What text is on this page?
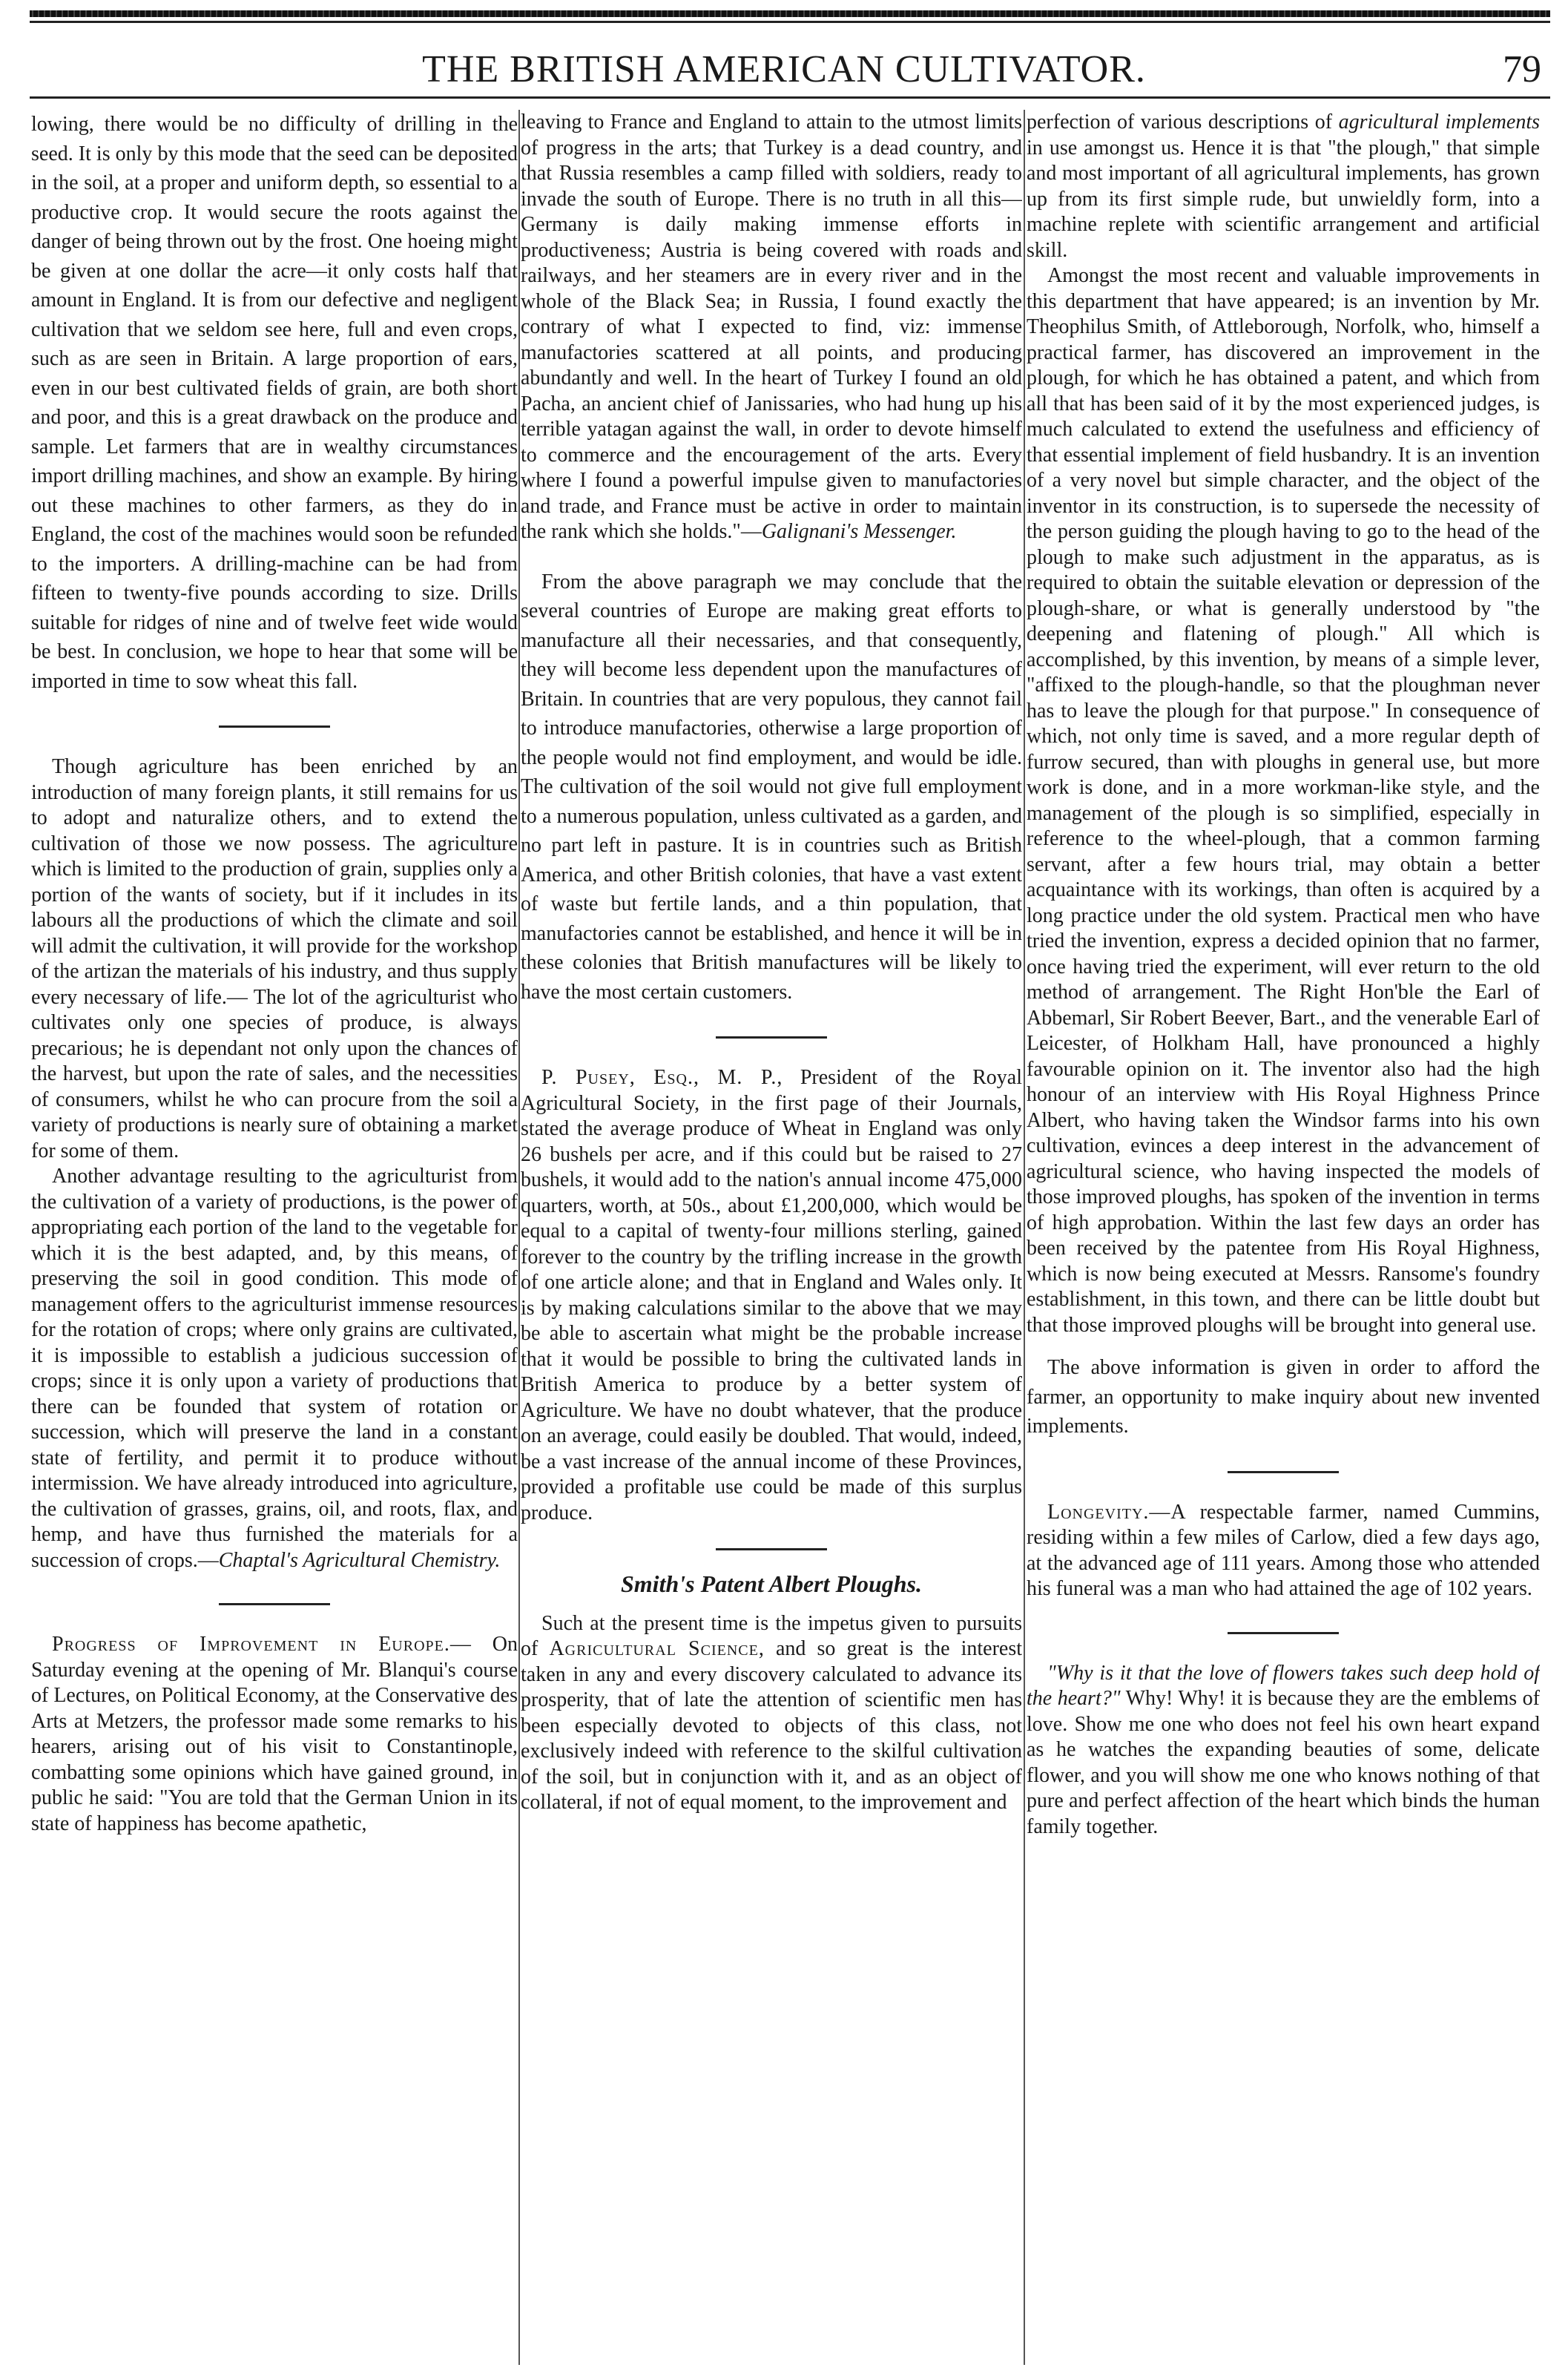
THE BRITISH AMERICAN CULTIVATOR.	79

lowing, there would be no difficulty of drilling in the seed. It is only by this mode that the seed can be deposited in the soil, at a proper and uniform depth, so essential to a productive crop. It would secure the roots against the danger of being thrown out by the frost. One hoeing might be given at one dollar the acre—it only costs half that amount in England. It is from our defective and negligent cultivation that we seldom see here, full and even crops, such as are seen in Britain. A large proportion of ears, even in our best cultivated fields of grain, are both short and poor, and this is a great drawback on the produce and sample. Let farmers that are in wealthy circumstances import drilling machines, and show an example. By hiring out these machines to other farmers, as they do in England, the cost of the machines would soon be refunded to the importers. A drilling-machine can be had from fifteen to twenty-five pounds according to size. Drills suitable for ridges of nine and of twelve feet wide would be best. In conclusion, we hope to hear that some will be imported in time to sow wheat this fall.

Though agriculture has been enriched by an introduction of many foreign plants, it still remains for us to adopt and naturalize others, and to extend the cultivation of those we now possess. The agriculture which is limited to the production of grain, supplies only a portion of the wants of society, but if it includes in its labours all the productions of which the climate and soil will admit the cultivation, it will provide for the workshop of the artizan the materials of his industry, and thus supply every necessary of life.— The lot of the agriculturist who cultivates only one species of produce, is always precarious; he is dependant not only upon the chances of the harvest, but upon the rate of sales, and the necessities of consumers, whilst he who can procure from the soil a variety of productions is nearly sure of obtaining a market for some of them.

Another advantage resulting to the agriculturist from the cultivation of a variety of productions, is the power of appropriating each portion of the land to the vegetable for which it is the best adapted, and, by this means, of preserving the soil in good condition. This mode of management offers to the agriculturist immense resources for the rotation of crops; where only grains are cultivated, it is impossible to establish a judicious succession of crops; since it is only upon a variety of productions that there can be founded that system of rotation or succession, which will preserve the land in a constant state of fertility, and permit it to produce without intermission. We have already introduced into agriculture, the cultivation of grasses, grains, oil, and roots, flax, and hemp, and have thus furnished the materials for a succession of crops.—Chaptal's Agricultural Chemistry.

Progress of Improvement in Europe.— On Saturday evening at the opening of Mr. Blanqui's course of Lectures, on Political Economy, at the Conservative des Arts at Metzers, the professor made some remarks to his hearers, arising out of his visit to Constantinople, combatting some opinions which have gained ground, in public he said: "You are told that the German Union in its state of happiness has become apathetic,

leaving to France and England to attain to the utmost limits of progress in the arts; that Turkey is a dead country, and that Russia resembles a camp filled with soldiers, ready to invade the south of Europe. There is no truth in all this—Germany is daily making immense efforts in productiveness; Austria is being covered with roads and railways, and her steamers are in every river and in the whole of the Black Sea; in Russia, I found exactly the contrary of what I expected to find, viz: immense manufactories scattered at all points, and producing abundantly and well. In the heart of Turkey I found an old Pacha, an ancient chief of Janissaries, who had hung up his terrible yatagan against the wall, in order to devote himself to commerce and the encouragement of the arts. Every where I found a powerful impulse given to manufactories and trade, and France must be active in order to maintain the rank which she holds."—Galignani's Messenger.

From the above paragraph we may conclude that the several countries of Europe are making great efforts to manufacture all their necessaries, and that consequently, they will become less dependent upon the manufactures of Britain. In countries that are very populous, they cannot fail to introduce manufactories, otherwise a large proportion of the people would not find employment, and would be idle. The cultivation of the soil would not give full employment to a numerous population, unless cultivated as a garden, and no part left in pasture. It is in countries such as British America, and other British colonies, that have a vast extent of waste but fertile lands, and a thin population, that manufactories cannot be established, and hence it will be in these colonies that British manufactures will be likely to have the most certain customers.

P. Pusey, Esq., M. P., President of the Royal Agricultural Society, in the first page of their Journals, stated the average produce of Wheat in England was only 26 bushels per acre, and if this could but be raised to 27 bushels, it would add to the nation's annual income 475,000 quarters, worth, at 50s., about £1,200,000, which would be equal to a capital of twenty-four millions sterling, gained forever to the country by the trifling increase in the growth of one article alone; and that in England and Wales only. It is by making calculations similar to the above that we may be able to ascertain what might be the probable increase that it would be possible to bring the cultivated lands in British America to produce by a better system of Agriculture. We have no doubt whatever, that the produce on an average, could easily be doubled. That would, indeed, be a vast increase of the annual income of these Provinces, provided a profitable use could be made of this surplus produce.

Smith's Patent Albert Ploughs.

Such at the present time is the impetus given to pursuits of Agricultural Science, and so great is the interest taken in any and every discovery calculated to advance its prosperity, that of late the attention of scientific men has been especially devoted to objects of this class, not exclusively indeed with reference to the skilful cultivation of the soil, but in conjunction with it, and as an object of collateral, if not of equal moment, to the improvement and

perfection of various descriptions of agricultural implements in use amongst us. Hence it is that "the plough," that simple and most important of all agricultural implements, has grown up from its first simple rude, but unwieldly form, into a machine replete with scientific arrangement and artificial skill.

Amongst the most recent and valuable improvements in this department that have appeared; is an invention by Mr. Theophilus Smith, of Attleborough, Norfolk, who, himself a practical farmer, has discovered an improvement in the plough, for which he has obtained a patent, and which from all that has been said of it by the most experienced judges, is much calculated to extend the usefulness and efficiency of that essential implement of field husbandry. It is an invention of a very novel but simple character, and the object of the inventor in its construction, is to supersede the necessity of the person guiding the plough having to go to the head of the plough to make such adjustment in the apparatus, as is required to obtain the suitable elevation or depression of the plough-share, or what is generally understood by "the deepening and flatening of plough." All which is accomplished, by this invention, by means of a simple lever, "affixed to the plough-handle, so that the ploughman never has to leave the plough for that purpose." In consequence of which, not only time is saved, and a more regular depth of furrow secured, than with ploughs in general use, but more work is done, and in a more workman-like style, and the management of the plough is so simplified, especially in reference to the wheel-plough, that a common farming servant, after a few hours trial, may obtain a better acquaintance with its workings, than often is acquired by a long practice under the old system. Practical men who have tried the invention, express a decided opinion that no farmer, once having tried the experiment, will ever return to the old method of arrangement. The Right Hon'ble the Earl of Abbemarl, Sir Robert Beever, Bart., and the venerable Earl of Leicester, of Holkham Hall, have pronounced a highly favourable opinion on it. The inventor also had the high honour of an interview with His Royal Highness Prince Albert, who having taken the Windsor farms into his own cultivation, evinces a deep interest in the advancement of agricultural science, who having inspected the models of those improved ploughs, has spoken of the invention in terms of high approbation. Within the last few days an order has been received by the patentee from His Royal Highness, which is now being executed at Messrs. Ransome's foundry establishment, in this town, and there can be little doubt but that those improved ploughs will be brought into general use.

The above information is given in order to afford the farmer, an opportunity to make inquiry about new invented implements.

Longevity.—A respectable farmer, named Cummins, residing within a few miles of Carlow, died a few days ago, at the advanced age of 111 years. Among those who attended his funeral was a man who had attained the age of 102 years.

"Why is it that the love of flowers takes such deep hold of the heart?" Why! Why! it is because they are the emblems of love. Show me one who does not feel his own heart expand as he watches the expanding beauties of some, delicate flower, and you will show me one who knows nothing of that pure and perfect affection of the heart which binds the human family together.
